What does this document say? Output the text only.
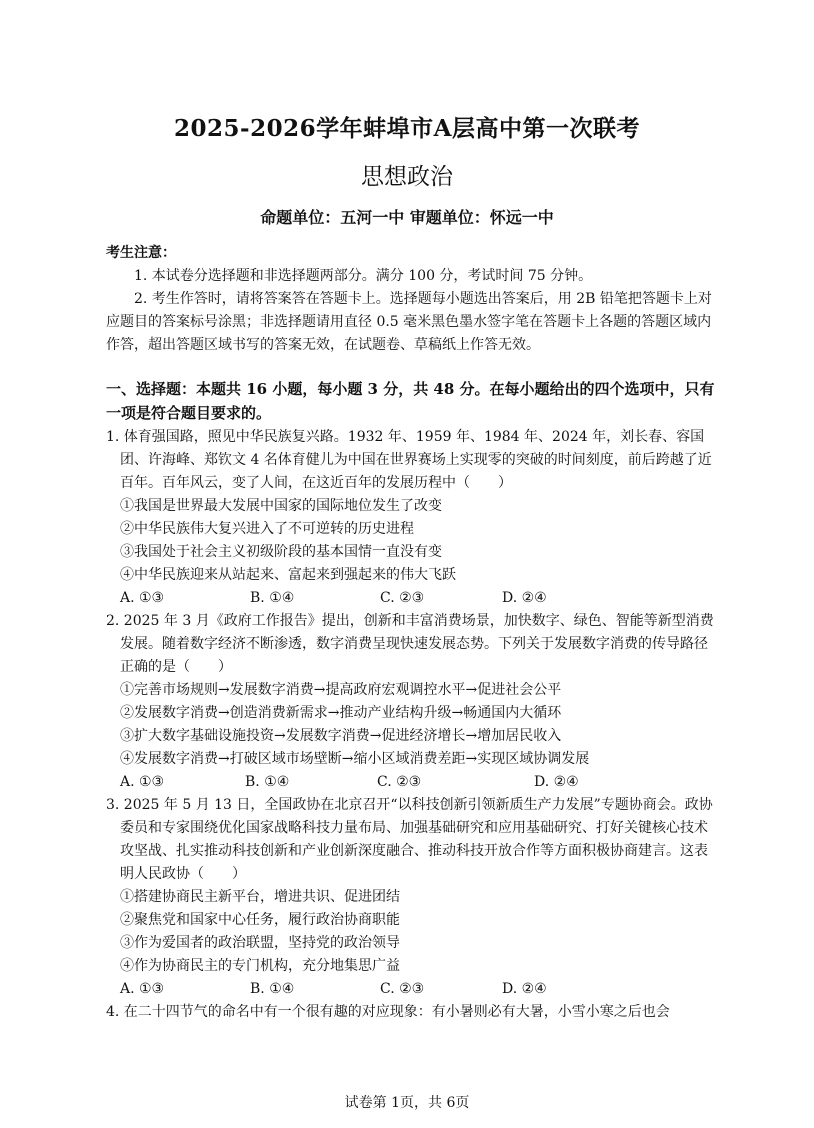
2025-2026学年蚌埠市A层高中第一次联考
思想政治
命题单位：五河一中 审题单位：怀远一中
考生注意：
1. 本试卷分选择题和非选择题两部分。满分 100 分，考试时间 75 分钟。
2. 考生作答时，请将答案答在答题卡上。选择题每小题选出答案后，用 2B 铅笔把答题卡上对应题目的答案标号涂黑；非选择题请用直径 0.5 毫米黑色墨水签字笔在答题卡上各题的答题区域内作答，超出答题区域书写的答案无效，在试题卷、草稿纸上作答无效。
一、选择题：本题共 16 小题，每小题 3 分，共 48 分。在每小题给出的四个选项中，只有一项是符合题目要求的。
1. 体育强国路，照见中华民族复兴路。1932 年、1959 年、1984 年、2024 年，刘长春、容国团、许海峰、郑钦文 4 名体育健儿为中国在世界赛场上实现零的突破的时间刻度，前后跨越了近百年。百年风云，变了人间，在这近百年的发展历程中（　　）
①我国是世界最大发展中国家的国际地位发生了改变
②中华民族伟大复兴进入了不可逆转的历史进程
③我国处于社会主义初级阶段的基本国情一直没有变
④中华民族迎来从站起来、富起来到强起来的伟大飞跃
A. ①③	B. ①④	C. ②③	D. ②④
2. 2025 年 3 月《政府工作报告》提出，创新和丰富消费场景，加快数字、绿色、智能等新型消费发展。随着数字经济不断渗透，数字消费呈现快速发展态势。下列关于发展数字消费的传导路径正确的是（　　）
①完善市场规则→发展数字消费→提高政府宏观调控水平→促进社会公平
②发展数字消费→创造消费新需求→推动产业结构升级→畅通国内大循环
③扩大数字基础设施投资→发展数字消费→促进经济增长→增加居民收入
④发展数字消费→打破区域市场壁断→缩小区域消费差距→实现区域协调发展
A. ①③	B. ①④	C. ②③	D. ②④
3. 2025 年 5 月 13 日，全国政协在北京召开“以科技创新引领新质生产力发展”专题协商会。政协委员和专家围绕优化国家战略科技力量布局、加强基础研究和应用基础研究、打好关键核心技术攻坚战、扎实推动科技创新和产业创新深度融合、推动科技开放合作等方面积极协商建言。这表明人民政协（　　）
①搭建协商民主新平台，增进共识、促进团结
②聚焦党和国家中心任务，履行政治协商职能
③作为爱国者的政治联盟，坚持党的政治领导
④作为协商民主的专门机构，充分地集思广益
A. ①③	B. ①④	C. ②③	D. ②④
4. 在二十四节气的命名中有一个很有趣的对应现象：有小暑则必有大暑，小雪小寒之后也会
试卷第 1页，共 6页
